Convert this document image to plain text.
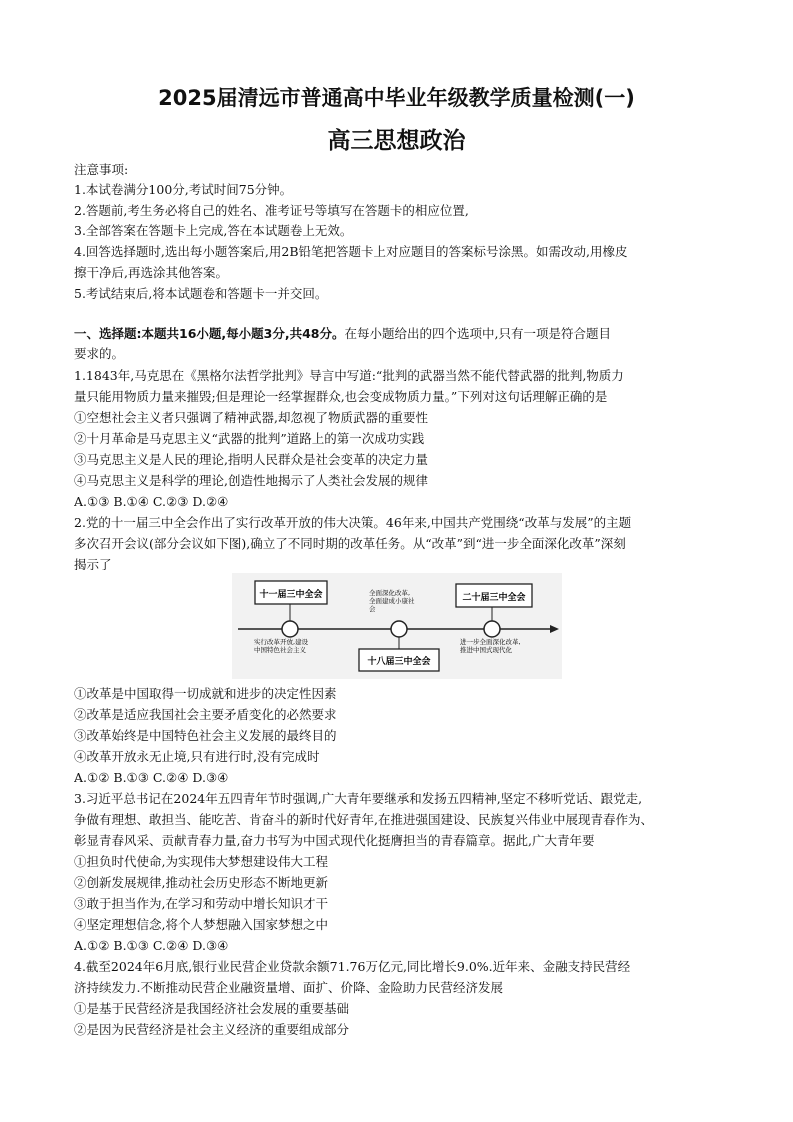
2025届清远市普通高中毕业年级教学质量检测(一)
高三思想政治
注意事项:
1.本试卷满分100分,考试时间75分钟。
2.答题前,考生务必将自己的姓名、准考证号等填写在答题卡的相应位置,
3.全部答案在答题卡上完成,答在本试题卷上无效。
4.回答选择题时,选出每小题答案后,用2B铅笔把答题卡上对应题目的答案标号涂黑。如需改动,用橡皮
擦干净后,再选涂其他答案。
5.考试结束后,将本试题卷和答题卡一并交回。
一、选择题:本题共16小题,每小题3分,共48分。在每小题给出的四个选项中,只有一项是符合题目
要求的。
1.1843年,马克思在《黑格尔法哲学批判》导言中写道:“批判的武器当然不能代替武器的批判,物质力
量只能用物质力量来摧毁;但是理论一经掌握群众,也会变成物质力量。”下列对这句话理解正确的是
①空想社会主义者只强调了精神武器,却忽视了物质武器的重要性
②十月革命是马克思主义“武器的批判”道路上的第一次成功实践
③马克思主义是人民的理论,指明人民群众是社会变革的决定力量
④马克思主义是科学的理论,创造性地揭示了人类社会发展的规律
A.①③ B.①④ C.②③ D.②④
2.党的十一届三中全会作出了实行改革开放的伟大决策。46年来,中国共产党围绕“改革与发展”的主题
多次召开会议(部分会议如下图),确立了不同时期的改革任务。从“改革”到“进一步全面深化改革”深刻
揭示了
十一届三中全会
实行改革开放,建设
中国特色社会主义
全面深化改革,
全面建成小康社
会
十八届三中全会
二十届三中全会
进一步全面深化改革,
推进中国式现代化
①改革是中国取得一切成就和进步的决定性因素
②改革是适应我国社会主要矛盾变化的必然要求
③改革始终是中国特色社会主义发展的最终目的
④改革开放永无止境,只有进行时,没有完成时
A.①② B.①③ C.②④ D.③④
3.习近平总书记在2024年五四青年节时强调,广大青年要继承和发扬五四精神,坚定不移听党话、跟党走,
争做有理想、敢担当、能吃苦、肯奋斗的新时代好青年,在推进强国建设、民族复兴伟业中展现青春作为、
彰显青春风采、贡献青春力量,奋力书写为中国式现代化挺膺担当的青春篇章。据此,广大青年要
①担负时代使命,为实现伟大梦想建设伟大工程
②创新发展规律,推动社会历史形态不断地更新
③敢于担当作为,在学习和劳动中增长知识才干
④坚定理想信念,将个人梦想融入国家梦想之中
A.①② B.①③ C.②④ D.③④
4.截至2024年6月底,银行业民营企业贷款余额71.76万亿元,同比增长9.0%.近年来、金融支持民营经
济持续发力.不断推动民营企业融资量增、面扩、价降、金险助力民营经济发展
①是基于民营经济是我国经济社会发展的重要基础
②是因为民营经济是社会主义经济的重要组成部分
